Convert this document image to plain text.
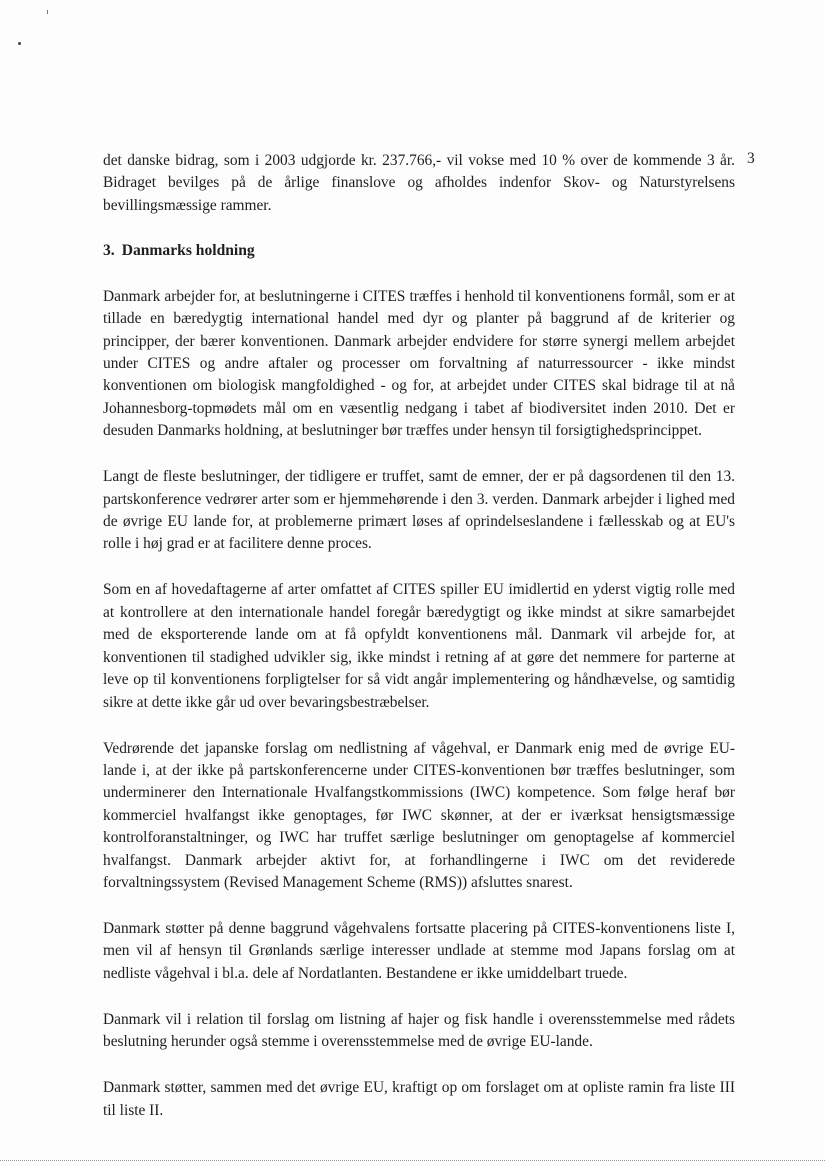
3

det danske bidrag, som i 2003 udgjorde kr. 237.766,- vil vokse med 10 % over de kommende 3 år. Bidraget bevilges på de årlige finanslove og afholdes indenfor Skov- og Naturstyrelsens bevillingsmæssige rammer.

3. Danmarks holdning

Danmark arbejder for, at beslutningerne i CITES træffes i henhold til konventionens formål, som er at tillade en bæredygtig international handel med dyr og planter på baggrund af de kriterier og principper, der bærer konventionen. Danmark arbejder endvidere for større synergi mellem arbejdet under CITES og andre aftaler og processer om forvaltning af naturressourcer - ikke mindst konventionen om biologisk mangfoldighed - og for, at arbejdet under CITES skal bidrage til at nå Johannesborg-topmødets mål om en væsentlig nedgang i tabet af biodiversitet inden 2010. Det er desuden Danmarks holdning, at beslutninger bør træffes under hensyn til forsigtighedsprincippet.

Langt de fleste beslutninger, der tidligere er truffet, samt de emner, der er på dagsordenen til den 13. partskonference vedrører arter som er hjemmehørende i den 3. verden. Danmark arbejder i lighed med de øvrige EU lande for, at problemerne primært løses af oprindelseslandene i fællesskab og at EU's rolle i høj grad er at facilitere denne proces.

Som en af hovedaftagerne af arter omfattet af CITES spiller EU imidlertid en yderst vigtig rolle med at kontrollere at den internationale handel foregår bæredygtigt og ikke mindst at sikre samarbejdet med de eksporterende lande om at få opfyldt konventionens mål. Danmark vil arbejde for, at konventionen til stadighed udvikler sig, ikke mindst i retning af at gøre det nemmere for parterne at leve op til konventionens forpligtelser for så vidt angår implementering og håndhævelse, og samtidig sikre at dette ikke går ud over bevaringsbestræbelser.

Vedrørende det japanske forslag om nedlistning af vågehval, er Danmark enig med de øvrige EU-lande i, at der ikke på partskonferencerne under CITES-konventionen bør træffes beslutninger, som underminerer den Internationale Hvalfangstkommissions (IWC) kompetence. Som følge heraf bør kommerciel hvalfangst ikke genoptages, før IWC skønner, at der er iværksat hensigtsmæssige kontrolforanstaltninger, og IWC har truffet særlige beslutninger om genoptagelse af kommerciel hvalfangst. Danmark arbejder aktivt for, at forhandlingerne i IWC om det reviderede forvaltningssystem (Revised Management Scheme (RMS)) afsluttes snarest.

Danmark støtter på denne baggrund vågehvalens fortsatte placering på CITES-konventionens liste I, men vil af hensyn til Grønlands særlige interesser undlade at stemme mod Japans forslag om at nedliste vågehval i bl.a. dele af Nordatlanten. Bestandene er ikke umiddelbart truede.

Danmark vil i relation til forslag om listning af hajer og fisk handle i overensstemmelse med rådets beslutning herunder også stemme i overensstemmelse med de øvrige EU-lande.

Danmark støtter, sammen med det øvrige EU, kraftigt op om forslaget om at opliste ramin fra liste III til liste II.
